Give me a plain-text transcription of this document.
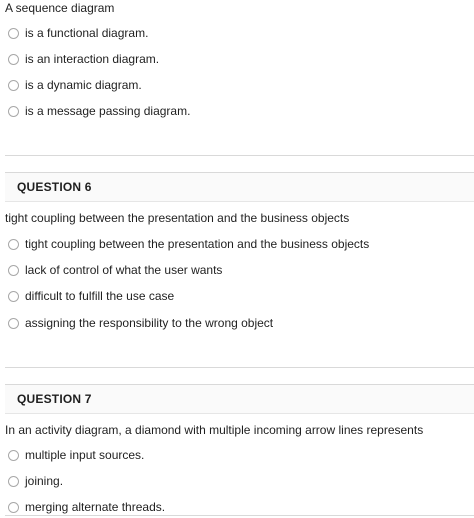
A sequence diagram
is a functional diagram.
is an interaction diagram.
is a dynamic diagram.
is a message passing diagram.
QUESTION 6
tight coupling between the presentation and the business objects
tight coupling between the presentation and the business objects
lack of control of what the user wants
difficult to fulfill the use case
assigning the responsibility to the wrong object
QUESTION 7
In an activity diagram, a diamond with multiple incoming arrow lines represents
multiple input sources.
joining.
merging alternate threads.
